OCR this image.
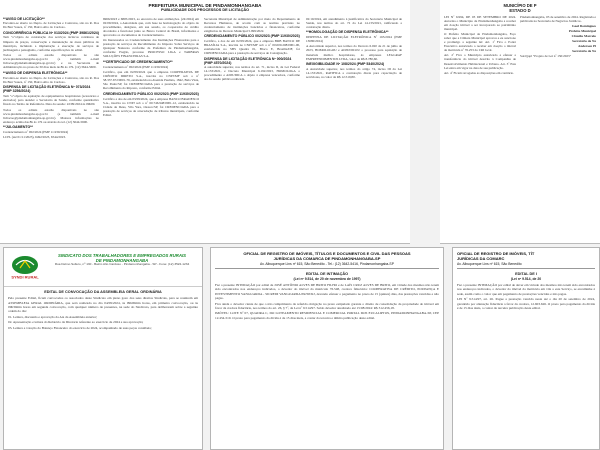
PREFEITURA MUNICIPAL DE PINDAMONHANGABA
PUBLICIDADE DOS PROCESSOS DE LICITAÇÃO
**AVISO DE LICITAÇÃO**

Encontra-se aberto no Depto. de Licitações e Contratos, sito na R. Dos Ds Barr Souza, nº 150, Bairro Alto do Cardoso.

CONCORRÊNCIA PÚBLICA Nº 013/2024 (PMP 39861/2024)

Tem "o"objeto de contratação dos serviços técnicos contínuos de limpeza de praças, conservação e manutenção de áreas públicas do município, incluindo a implantação e execução de serviços de jardinagem e paisagismo, conforme especificações do edital.

Todos os editais estarão disponíveis no site www.pindamonhangaba.sp.gov.br (e também e-mail licitacao@pindamonhangaba.sp.gov.br) e na Secretaria de Administração no prazo de 30 dias úteis de 8h às 17h. (12) 3644-5600.

**AVISO DE DISPENSA ELETRÔNICA**

Encontra-se aberto no Depto. de Licitações e Contratos, sito na R. Dos Ds Barr Souza, nº 150, Bairro Alto do Cardoso.

DISPENSA DE LICITAÇÃO ELETRÔNICA Nº 073/2024 (PMP 3256/2024)

Tem "o"objeto de aquisição de equipamentos hospitalares (acessórios e eletrodos) para atender a Secretaria de Saúde, conforme quantitativo fixado no Termo de Referência. Data da sessão: 22/09/2024 às 09h00.

Todos os editais estarão disponíveis no site www.pindamonhangaba.sp.gov.br (e também e-mail licitacao@pindamonhangaba.sp.gov.br). Maiores informações no endereço acima das 8h às 17h ou através do tel. (12) 3644-5600.

**JULGAMENTO**

Credenciamento nº 002/2024 (PMP 11.930/2024)

LCPL (até 01/11/2023), 6492/2023, 6544/2023.

6966/2023 e 6805/2023, ao encontro de suas atribuições. (24/2024) em 02/09/2024, a Autoridade que, com base na homologação do objeto do procedimento, designou, em sua sessão, os cooperados de crédito abordados a funcionar junto ao Banco Central do Brasil, informados e aprovados os documentos do Credenciamento.

Os Interessados ao Credenciamento das Instituições Financeiras para a prestação de serviços de Recolhimento do Imposto Sobre Serviços de Qualquer Natureza conforme da Prefeitura de Pindamonhangaba, conforme Pregão, processo PROCESSO LIGA e TARBRAS SOLUÇÕES FINANCEIRAS S.A.

**CERTIFICADO DE CREDENCIAMENTO**

Credenciamento nº 002/2024 (PMP 11.930/2024)

Certifico, que em 02/09/2024 que a empresa COOPERATIVA DE CRÉDITO DIRETO S.A., inscrita no CNPJ/MF sob o nº 58.337.672/0001-76, estabelecida na Avenida Paulista, 1842, Bela Vista, São Paulo/SP, foi CREDENCIADA para a prestação de serviços de Recolhimento do Imposto, conforme Edital.

CREDENCIAMENTO PÚBLICO 002/2023 (PMP 11930/2023)

Certifico a dos de em 03/09/2024, que a empresa BANCO BRADESCO S.A., inscrita no CNPJ sob o nº 60.746.948/0001-12, estabelecida na Cidade de Deus, Vila Yara, Osasco/SP, foi CREDENCIADA para a prestação de serviços de arrecadação de tributos municipais, conforme Edital.

Secretaria Municipal de Administração por meio do Departamento de Recursos Humanos, de acordo com as normas previstas no credenciamento de instituições bancárias e financeiras, conforme exigências do Decreto Municipal 5.999/2022.

CREDENCIAMENTO PÚBLICO 002/2023 (PMP 11930/2023)

Certifico, a dos de em 02/09/2024, que a empresa BRB BANCO DE BRASÍLIA S.A., inscrita no CNPJ/MF sob o nº 00.000.208/0001-00, estabelecida no SBS Quadra 01, Bloco E, Brasília/DF, foi CREDENCIADA para a prestação de serviços de Consignação.

DISPENSA DE LICITAÇÃO ELETRÔNICA Nº 000/2024 (PMP 4570/2024)

A autoridade superior, nos termos do art. 71, inciso II, da Lei Federal 14.133/2021, e Decreto Municipal 6.192/2023, HOMOLOGA o procedimento e ADJUDICA o objeto à empresa vencedora, conforme ata da sessão pública realizada.

02/10/2024, em atendimento à justificativa da Secretaria Municipal de Saúde, nos termos do art. 72 da Lei 14.133/2021, ratificando a contratação direta.

**HOMOLOGAÇÃO DE DISPENSA ELETRÔNICA**

DISPENSA DE LICITAÇÃO ELETRÔNICA Nº 165/2024 (PMP 13680/2024)

A Autoridade superior, nos termos do Decreto 6.020 de 21 de julho de 2023, HOMOLOGOU e ADJUDICOU o processo para aquisição de materiais médico hospitalares, às empresas LEGGRAF EMPREENDIMENTOS LTDA, valor de R$ 8.780,60.

INEXIGIBILIDADE Nº 108/2024 (PMP 5340/2024)

A Autoridade superior, nos termos do artigo 74, inciso III da Lei 14.133/2021, RATIFICA a contratação direta para capacitação de servidores, no valor de R$ 12.519,80.

MUNICÍPIO DE P
ESTADO D

LEI Nº 6.994, DE 03 DE SETEMBRO DE 2024. Autoriza o Município de Pindamonhangaba a receber em doação imóvel a ser incorporado ao patrimônio municipal.

O Prefeito Municipal de Pindamonhangaba, Faço saber que a Câmara Municipal aprovou e eu sanciono e promulgo a seguinte lei: Art. 1º Fica o Poder Executivo autorizado a receber em doação o imóvel de matrícula nº 76.253 do CRI local.

Art. 2º Fica o Município autorizado a efetuar a transferência do imóvel descrito à Companhia de Desenvolvimento Habitacional e Urbano. Art. 3º Esta Lei entra em vigor na data de sua publicação.

Art. 4º Ficam revogadas as disposições em contrário.

Pindamonhangaba, 03 de setembro de 2024. Registrada e publicada na Secretaria de Negócios Jurídicos.

Isael Domingues

Prefeito Municipal

Cláudio Marcelo

Secretário de Ne

Anderson Pl

Secretário de Ne

SAJ/gapl "Projeto de Lei nº 150/2023"

SYNDI RURAL
SINDICATO DOS TRABALHADORES E EMPREGADOS RURAIS
DE PINDAMONHANGABA
Rua Delmo Sollero, nº 130 - Bairro Alto Cardoso - Pindamonhangaba - SP - Fone: (12) 3522-1234
EDITAL DE CONVOCAÇÃO DA ASSEMBLEIA GERAL ORDINÁRIA

Pelo presente Edital, ficam convocados os associados deste Sindicato em pleno gozo dos seus direitos Sindicais, para se reunirem em ASSEMBLEIA GERAL ORDINÁRIA, que será realizada no dia 04/09/2024, às 09h00min horas, em primeira convocação, ou às 09h30min horas em segunda convocação, com qualquer número de presentes, na sede do Sindicato, para deliberarem sobre a seguinte ordem do dia:

01. Leitura, discussão e aprovação da Ata da Assembleia anterior;

02. Apresentação e leitura do Relatório da Diretoria referente ao exercício de 2024 e sua aprovação;

03. Leitura e votação do Balanço Financeiro do exercício de 2024, acompanhado de suas peças contábeis;

OFICIAL DE REGISTRO DE IMÓVEIS, TÍTULOS E DOCUMENTOS E CIVIL DAS PESSOAS
JURÍDICAS DA COMARCA DE PINDAMONHANGABA-SP
Av. Albuquerque Lins nº 615, São Benedito - Tel.: (12) 3642-5416, Pindamonhangaba-SP
EDITAL DE INTIMAÇÃO
(Lei nº 9.514, de 20 de novembro de 1997)

Faz o presente INTIMAÇÃO por edital de JOSÉ ANTÔNIO ALVES DE BRITO FILHO e de LAÍS CRUZ ALVES DE BRITO, em virtude dos mesmos não terem sido encontrados nos endereços indicados, o devedor do imóvel da matrícula 76.548, credora fiduciária: COOPERATIVA DE CRÉDITO, POUPANÇA E INVESTIMENTO VANGUARDA - SICREDI VANGUARDA PR/SP/RJ, devendo efetuar o pagamento no prazo de 15 (quinze) dias, das prestações vencidas e não pagas.

Fica ainda o devedor ciente de que o não cumprimento da referida obrigação no prazo estipulado garante o direito de consolidação da propriedade do imóvel em favor da credora fiduciária, nos termos do art. 26, § 7º, da Lei nº 9.514/97. Saldo devedor atualizado até 15/08/2024: R$ 312.456,18.

IMÓVEL: LOTE Nº 07, QUADRA C, DO LOTEAMENTO RESIDENCIAL E COMERCIAL PORTAL DOS EUCALIPTOS, PINDAMONHANGABA-SP, CEP 12.434-510. O prazo para pagamento da dívida é de 15 dias úteis, a contar da terceira e última publicação deste edital.

OFICIAL DE REGISTRO DE IMÓVEIS, TÍT
JURÍDICAS DA COMARC
Av. Albuquerque Lins nº 615, São Benedito
EDITAL DE I
(Lei nº 9.514, de 20

Faz o presente INTIMAÇÃO por edital de dever em virtude dos mesmos não terem sido encontrados nos endereços indicados, o devedor do imóvel da matrícula em vila a este Serviço, se encaminhe à sede, assim como o valor que em pagamento de prestações vencidas e não pagas.

LEI Nº 9.514/97, art. 26. Pague a prestação vencida nesta até o dia 20 de setembro de 2024, garantido por alienação fiduciária a favor da credora, 12.603.626. O prazo para pagamento da dívida é de 15 dias úteis, a contar da terceira publicação deste edital.
